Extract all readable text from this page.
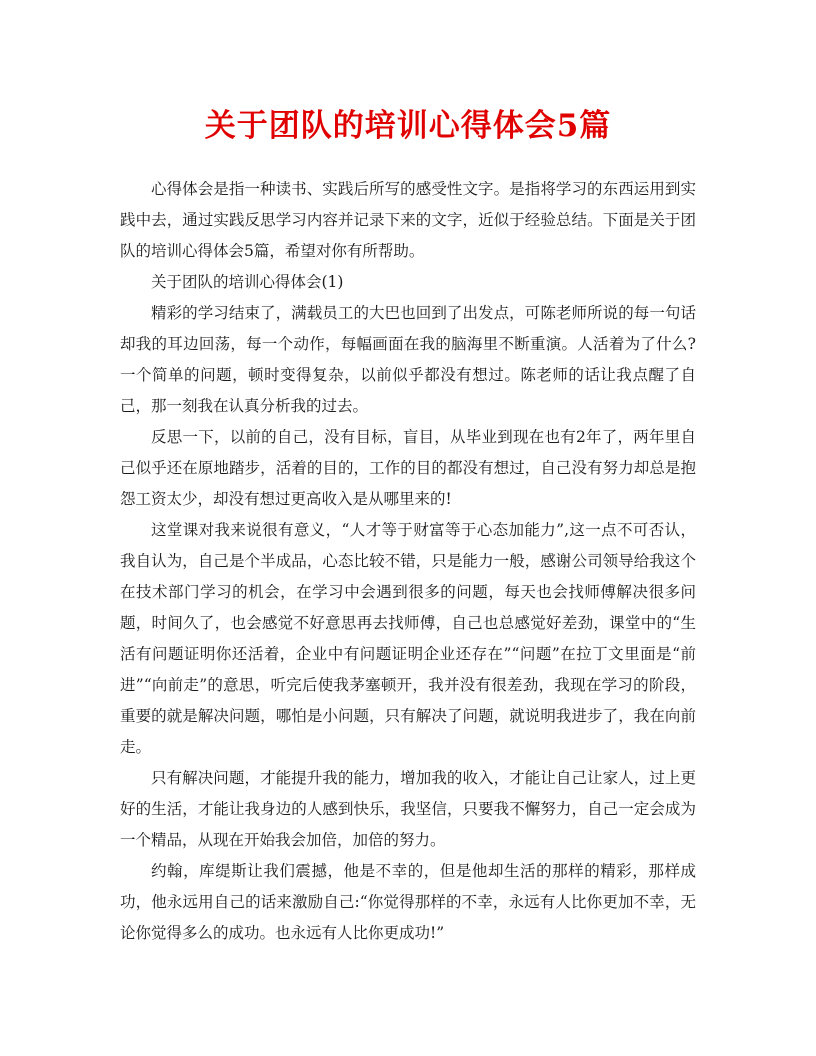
关于团队的培训心得体会5篇

心得体会是指一种读书、实践后所写的感受性文字。是指将学习的东西运用到实践中去，通过实践反思学习内容并记录下来的文字，近似于经验总结。下面是关于团队的培训心得体会5篇，希望对你有所帮助。

关于团队的培训心得体会(1)

精彩的学习结束了，满载员工的大巴也回到了出发点，可陈老师所说的每一句话却我的耳边回荡，每一个动作，每幅画面在我的脑海里不断重演。人活着为了什么?一个简单的问题，顿时变得复杂，以前似乎都没有想过。陈老师的话让我点醒了自己，那一刻我在认真分析我的过去。

反思一下，以前的自己，没有目标，盲目，从毕业到现在也有2年了，两年里自己似乎还在原地踏步，活着的目的，工作的目的都没有想过，自己没有努力却总是抱怨工资太少，却没有想过更高收入是从哪里来的!

这堂课对我来说很有意义，“人才等于财富等于心态加能力”,这一点不可否认，我自认为，自己是个半成品，心态比较不错，只是能力一般，感谢公司领导给我这个在技术部门学习的机会，在学习中会遇到很多的问题，每天也会找师傅解决很多问题，时间久了，也会感觉不好意思再去找师傅，自己也总感觉好差劲，课堂中的“生活有问题证明你还活着，企业中有问题证明企业还存在”“问题”在拉丁文里面是“前进”“向前走”的意思，听完后使我茅塞顿开，我并没有很差劲，我现在学习的阶段，重要的就是解决问题，哪怕是小问题，只有解决了问题，就说明我进步了，我在向前走。

只有解决问题，才能提升我的能力，增加我的收入，才能让自己让家人，过上更好的生活，才能让我身边的人感到快乐，我坚信，只要我不懈努力，自己一定会成为一个精品，从现在开始我会加倍，加倍的努力。

约翰，库缇斯让我们震撼，他是不幸的，但是他却生活的那样的精彩，那样成功，他永远用自己的话来激励自己:“你觉得那样的不幸，永远有人比你更加不幸，无论你觉得多么的成功。也永远有人比你更成功!”
